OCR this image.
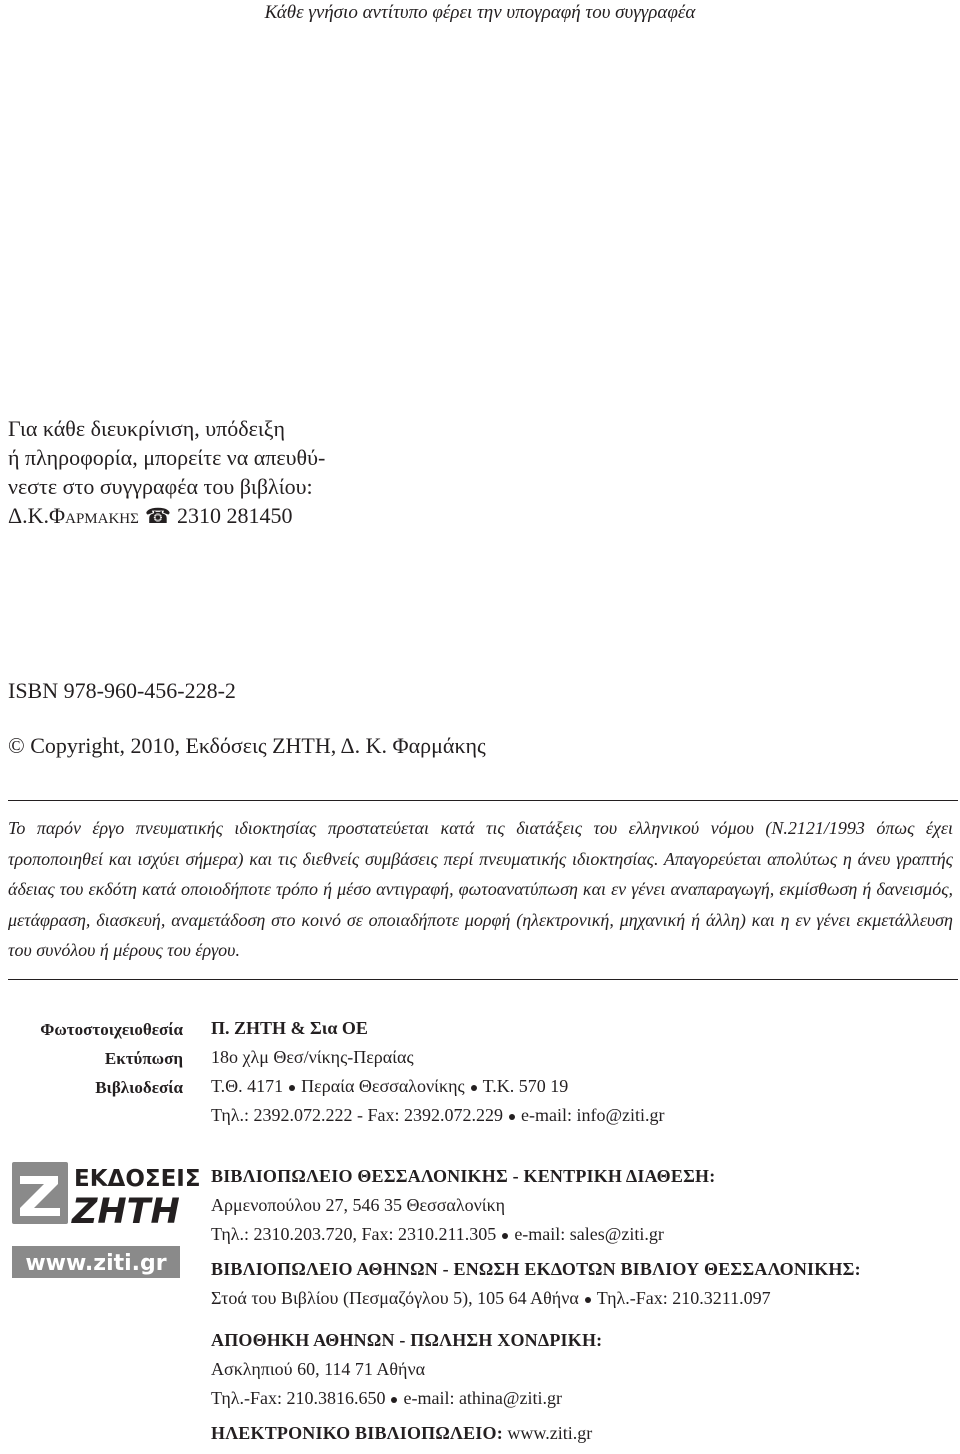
Κάθε γνήσιο αντίτυπο φέρει την υπογραφή του συγγραφέα
Για κάθε διευκρίνιση, υπόδειξη
ή πληροφορία, μπορείτε να απευθύ-
νεστε στο συγγραφέα του βιβλίου:
Δ.Κ.Φαρμακης ☎ 2310 281450
ISBN 978-960-456-228-2
© Copyright, 2010, Εκδόσεις ΖΗΤΗ, Δ. Κ. Φαρμάκης
Το παρόν έργο πνευματικής ιδιοκτησίας προστατεύεται κατά τις διατάξεις του ελληνικού νόμου (Ν.2121/1993 όπως έχει τροποποιηθεί και ισχύει σήμερα) και τις διεθνείς συμβάσεις περί πνευματικής ιδιοκτησίας. Απαγορεύεται απολύτως η άνευ γραπτής άδειας του εκδότη κατά οποιοδήποτε τρόπο ή μέσο αντιγραφή, φωτοανατύπωση και εν γένει αναπαραγωγή, εκμίσθωση ή δανεισμός, μετάφραση, διασκευή, αναμετάδοση στο κοινό σε οποιαδήποτε μορφή (ηλεκτρονική, μηχανική ή άλλη) και η εν γένει εκμετάλλευση του συνόλου ή μέρους του έργου.
Φωτοστοιχειοθεσία
Εκτύπωση
Βιβλιοδεσία
Π. ΖΗΤΗ & Σια ΟΕ
18ο χλμ Θεσ/νίκης-Περαίας
Τ.Θ. 4171 Περαία Θεσσαλονίκης Τ.Κ. 570 19
Τηλ.: 2392.072.222 - Fax: 2392.072.229 e-mail: info@ziti.gr
ΕΚΔΟΣΕΙΣ
ΖΗΤΗ
www.ziti.gr
ΒΙΒΛΙΟΠΩΛΕΙΟ ΘΕΣΣΑΛΟΝΙΚΗΣ - ΚΕΝΤΡΙΚΗ ΔΙΑΘΕΣΗ:
Αρμενοπούλου 27, 546 35 Θεσσαλονίκη
Τηλ.: 2310.203.720, Fax: 2310.211.305 e-mail: sales@ziti.gr
ΒΙΒΛΙΟΠΩΛΕΙΟ ΑΘΗΝΩΝ - ΕΝΩΣΗ ΕΚΔΟΤΩΝ ΒΙΒΛΙΟΥ ΘΕΣΣΑΛΟΝΙΚΗΣ:
Στοά του Βιβλίου (Πεσμαζόγλου 5), 105 64 Αθήνα Τηλ.-Fax: 210.3211.097
ΑΠΟΘΗΚΗ ΑΘΗΝΩΝ - ΠΩΛΗΣΗ ΧΟΝΔΡΙΚΗ:
Ασκληπιού 60, 114 71 Αθήνα
Τηλ.-Fax: 210.3816.650 e-mail: athina@ziti.gr
ΗΛΕΚΤΡΟΝΙΚΟ ΒΙΒΛΙΟΠΩΛΕΙΟ: www.ziti.gr
